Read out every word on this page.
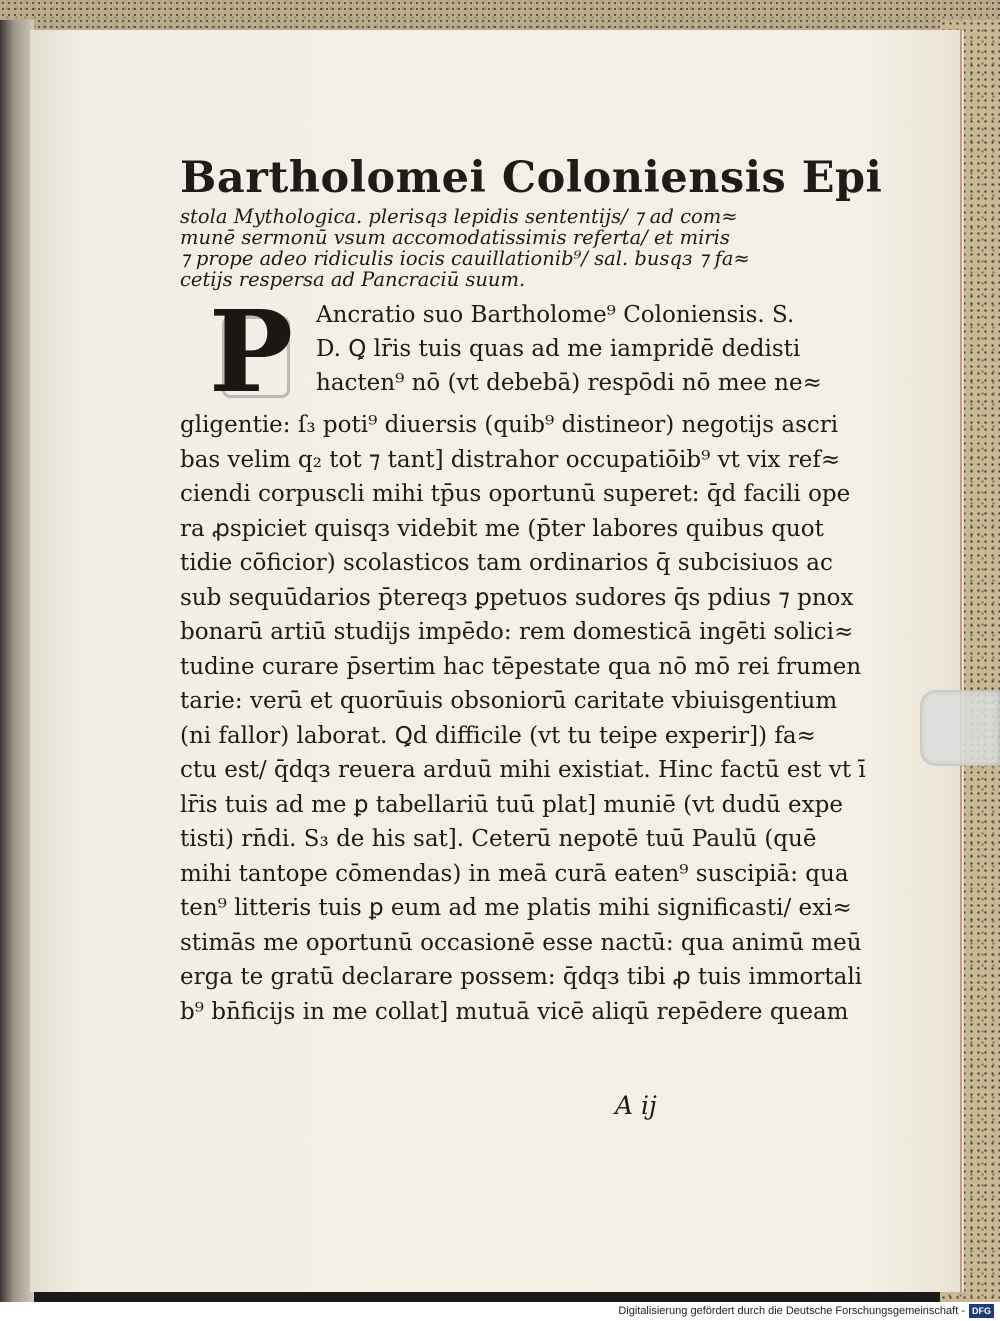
Bartholomei Coloniensis Epi
stola Mythologica. plerisqз lepidis sententijs/ ⁊ ad com≈
munē sermonū vsum accomodatissimis referta/ et miris
⁊ prope adeo ridiculis iocis cauillationib⁹/ sal. busqз ⁊ fa≈
cetijs respersa ad Pancraciū suum.
P Ancratio suo Bartholome⁹ Coloniensis. S.
D. Ꝗ lr̄is tuis quas ad me iampridē dedisti
hacten⁹ nō (vt debebā) respōdi nō mee ne≈
gligentie: ſ₃ poti⁹ diuersis (quib⁹ distineor) negotijs ascri
bas velim q₂ tot ⁊ tant] distrahor occupatiōib⁹ vt vix ref≈
ciendi corpuscli mihi tp̄us oportunū superet: q̄d facili ope
ra ꝓspiciet quisqз videbit me (p̄ter labores quibus quot
tidie cōficior) scolasticos tam ordinarios q̄ subcisiuos ac
sub sequūdarios p̄tereqз ꝑpetuos sudores q̄s pdius ⁊ pnox
bonarū artiū studijs impēdo: rem domesticā ingēti solici≈
tudine curare p̄sertim hac tēpestate qua nō mō rei frumen
tarie: verū et quorūuis obsoniorū caritate vbiuisgentium
(ni fallor) laborat. Ꝗd difficile (vt tu teipe experir]) fa≈
ctu est/ q̄dqз reuera arduū mihi existiat. Hinc factū est vt ī
lr̄is tuis ad me ꝑ tabellariū tuū plat] muniē (vt dudū expe
tisti) rn̄di. S₃ de his sat]. Ceterū nepotē tuū Paulū (quē
mihi tantope cōmendas) in meā curā eaten⁹ suscipiā: qua
ten⁹ litteris tuis ꝑ eum ad me platis mihi significasti/ exi≈
stimās me oportunū occasionē esse nactū: qua animū meū
erga te gratū declarare possem: q̄dqз tibi ꝓ tuis immortali
b⁹ bn̄ficijs in me collat] mutuā vicē aliqū repēdere queam
A ij
Digitalisierung gefördert durch die Deutsche Forschungsgemeinschaft - DFG
